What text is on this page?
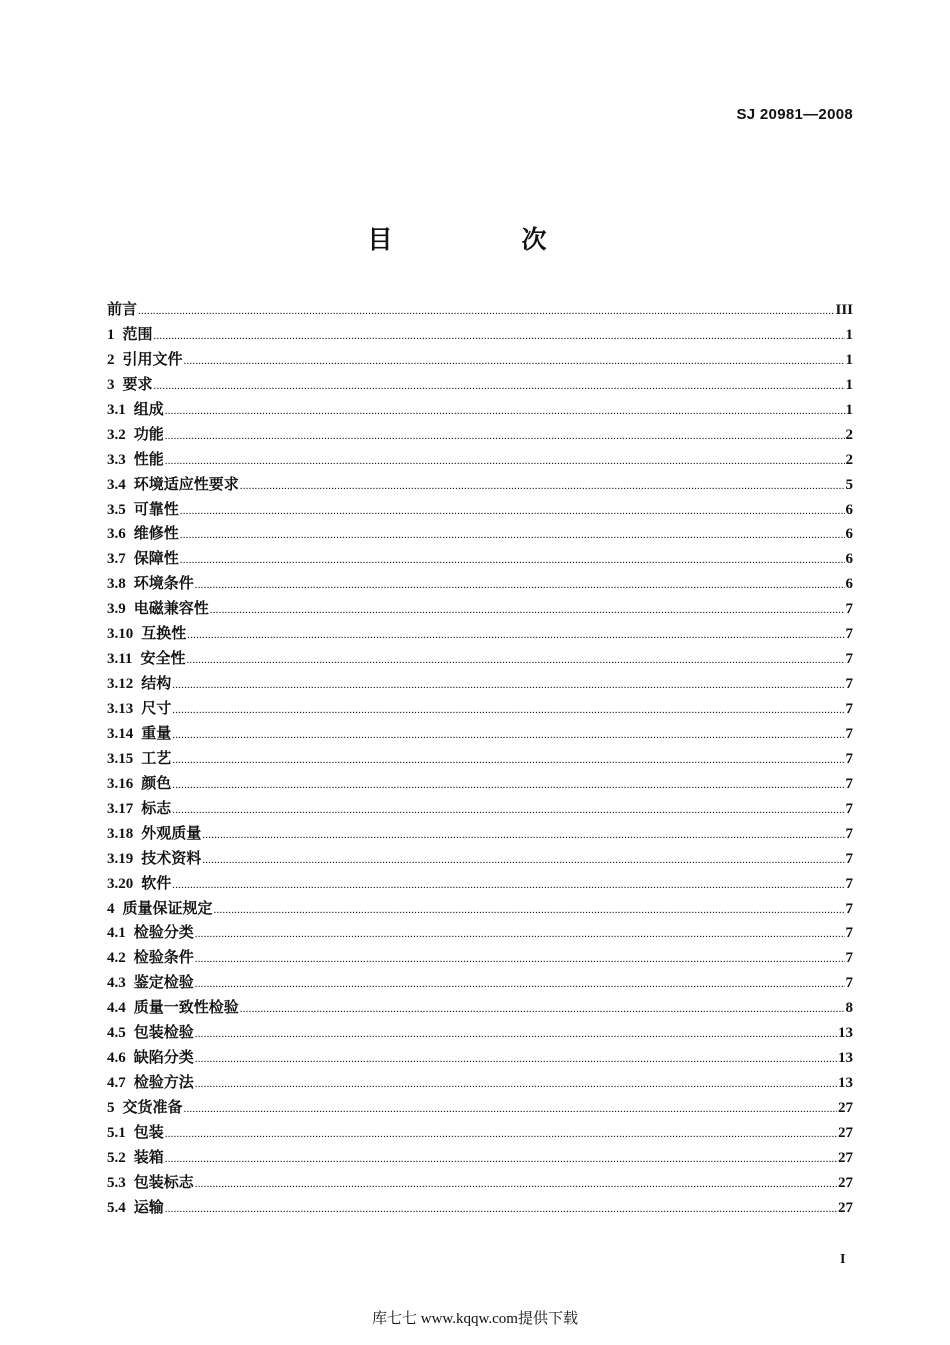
SJ 20981—2008
目　次
前言 .....	III
1 范围 .....	1
2 引用文件 .....	1
3 要求 .....	1
3.1 组成 .....	1
3.2 功能 .....	2
3.3 性能 .....	2
3.4 环境适应性要求 .....	5
3.5 可靠性 .....	6
3.6 维修性 .....	6
3.7 保障性 .....	6
3.8 环境条件 .....	6
3.9 电磁兼容性 .....	7
3.10 互换性 .....	7
3.11 安全性 .....	7
3.12 结构 .....	7
3.13 尺寸 .....	7
3.14 重量 .....	7
3.15 工艺 .....	7
3.16 颜色 .....	7
3.17 标志 .....	7
3.18 外观质量 .....	7
3.19 技术资料 .....	7
3.20 软件 .....	7
4 质量保证规定 .....	7
4.1 检验分类 .....	7
4.2 检验条件 .....	7
4.3 鉴定检验 .....	7
4.4 质量一致性检验 .....	8
4.5 包装检验 .....	13
4.6 缺陷分类 .....	13
4.7 检验方法 .....	13
5 交货准备 .....	27
5.1 包装 .....	27
5.2 装箱 .....	27
5.3 包装标志 .....	27
5.4 运输 .....	27
I
库七七 www.kqqw.com提供下载
